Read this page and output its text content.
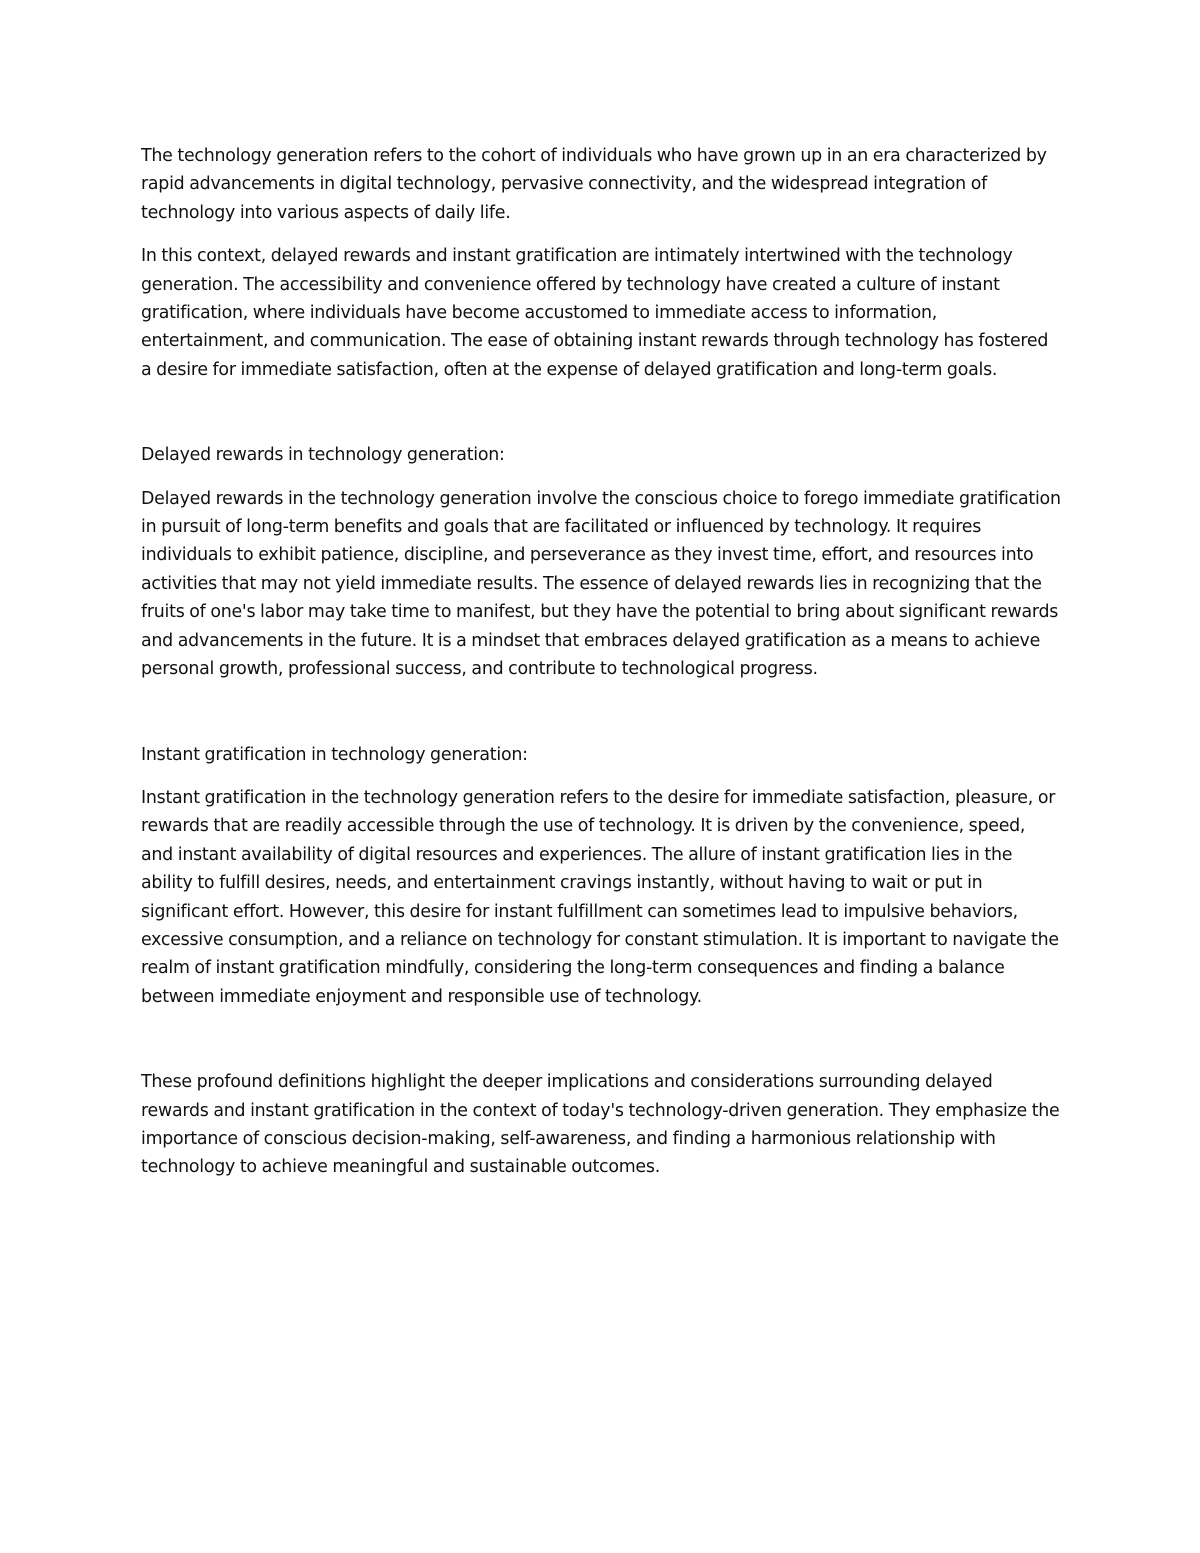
The technology generation refers to the cohort of individuals who have grown up in an era characterized by rapid advancements in digital technology, pervasive connectivity, and the widespread integration of technology into various aspects of daily life.

In this context, delayed rewards and instant gratification are intimately intertwined with the technology generation. The accessibility and convenience offered by technology have created a culture of instant gratification, where individuals have become accustomed to immediate access to information, entertainment, and communication. The ease of obtaining instant rewards through technology has fostered a desire for immediate satisfaction, often at the expense of delayed gratification and long-term goals.

Delayed rewards in technology generation:

Delayed rewards in the technology generation involve the conscious choice to forego immediate gratification in pursuit of long-term benefits and goals that are facilitated or influenced by technology. It requires individuals to exhibit patience, discipline, and perseverance as they invest time, effort, and resources into activities that may not yield immediate results. The essence of delayed rewards lies in recognizing that the fruits of one's labor may take time to manifest, but they have the potential to bring about significant rewards and advancements in the future. It is a mindset that embraces delayed gratification as a means to achieve personal growth, professional success, and contribute to technological progress.

Instant gratification in technology generation:

Instant gratification in the technology generation refers to the desire for immediate satisfaction, pleasure, or rewards that are readily accessible through the use of technology. It is driven by the convenience, speed, and instant availability of digital resources and experiences. The allure of instant gratification lies in the ability to fulfill desires, needs, and entertainment cravings instantly, without having to wait or put in significant effort. However, this desire for instant fulfillment can sometimes lead to impulsive behaviors, excessive consumption, and a reliance on technology for constant stimulation. It is important to navigate the realm of instant gratification mindfully, considering the long-term consequences and finding a balance between immediate enjoyment and responsible use of technology.

These profound definitions highlight the deeper implications and considerations surrounding delayed rewards and instant gratification in the context of today's technology-driven generation. They emphasize the importance of conscious decision-making, self-awareness, and finding a harmonious relationship with technology to achieve meaningful and sustainable outcomes.
